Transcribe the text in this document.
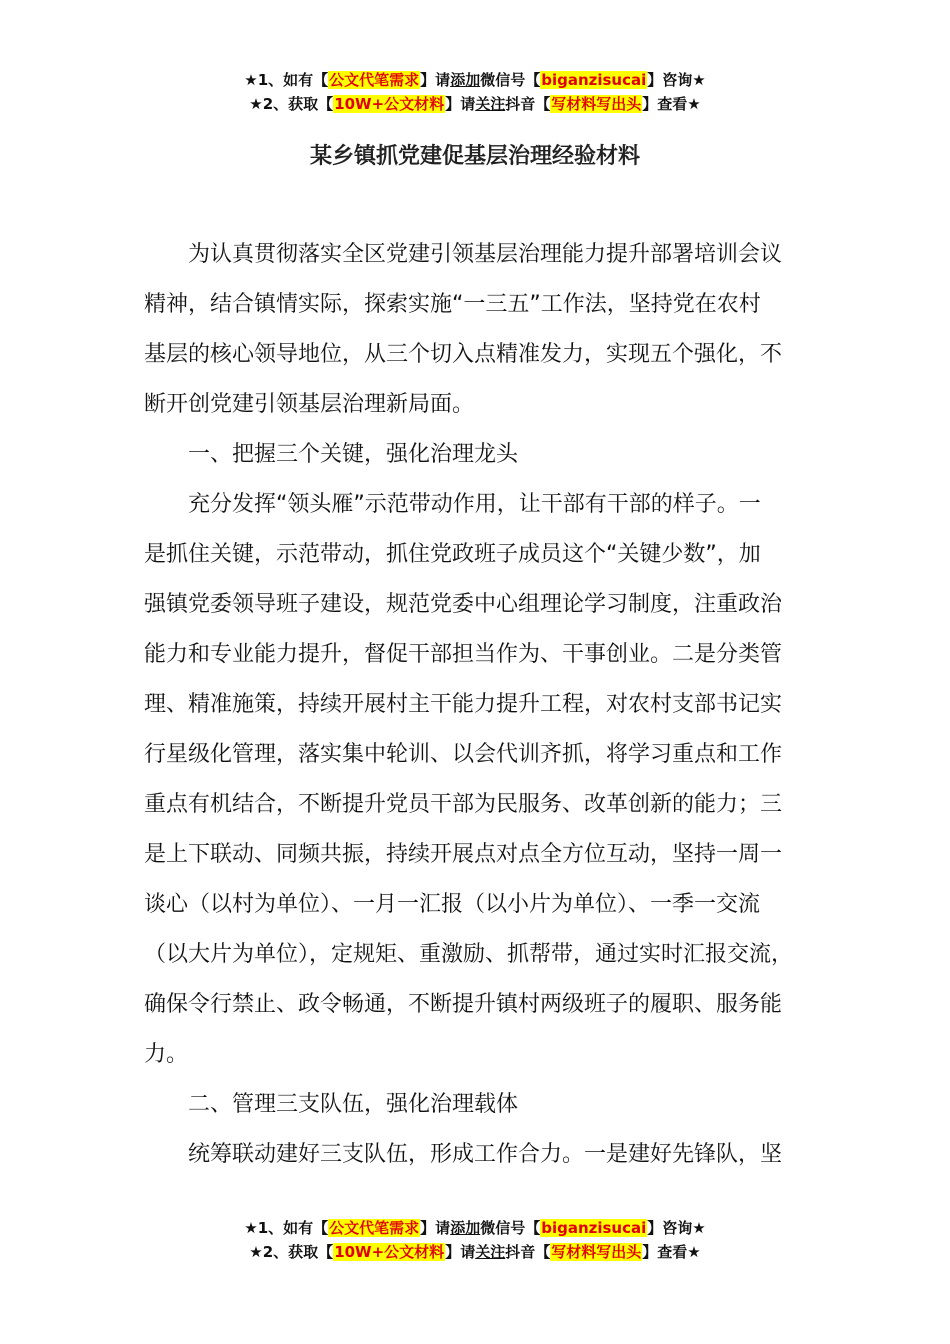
★1、如有【公文代笔需求】请添加微信号【biganzisucai】咨询★
★2、获取【10W+公文材料】请关注抖音【写材料写出头】查看★
某乡镇抓党建促基层治理经验材料
为认真贯彻落实全区党建引领基层治理能力提升部署培训会议
精神，结合镇情实际，探索实施“一三五”工作法，坚持党在农村
基层的核心领导地位，从三个切入点精准发力，实现五个强化，不
断开创党建引领基层治理新局面。
一、把握三个关键，强化治理龙头
充分发挥“领头雁”示范带动作用，让干部有干部的样子。一
是抓住关键，示范带动，抓住党政班子成员这个“关键少数”，加
强镇党委领导班子建设，规范党委中心组理论学习制度，注重政治
能力和专业能力提升，督促干部担当作为、干事创业。二是分类管
理、精准施策，持续开展村主干能力提升工程，对农村支部书记实
行星级化管理，落实集中轮训、以会代训齐抓，将学习重点和工作
重点有机结合，不断提升党员干部为民服务、改革创新的能力；三
是上下联动、同频共振，持续开展点对点全方位互动，坚持一周一
谈心（以村为单位）、一月一汇报（以小片为单位）、一季一交流
（以大片为单位），定规矩、重激励、抓帮带，通过实时汇报交流，
确保令行禁止、政令畅通，不断提升镇村两级班子的履职、服务能
力。
二、管理三支队伍，强化治理载体
统筹联动建好三支队伍，形成工作合力。一是建好先锋队，坚
★1、如有【公文代笔需求】请添加微信号【biganzisucai】咨询★
★2、获取【10W+公文材料】请关注抖音【写材料写出头】查看★
